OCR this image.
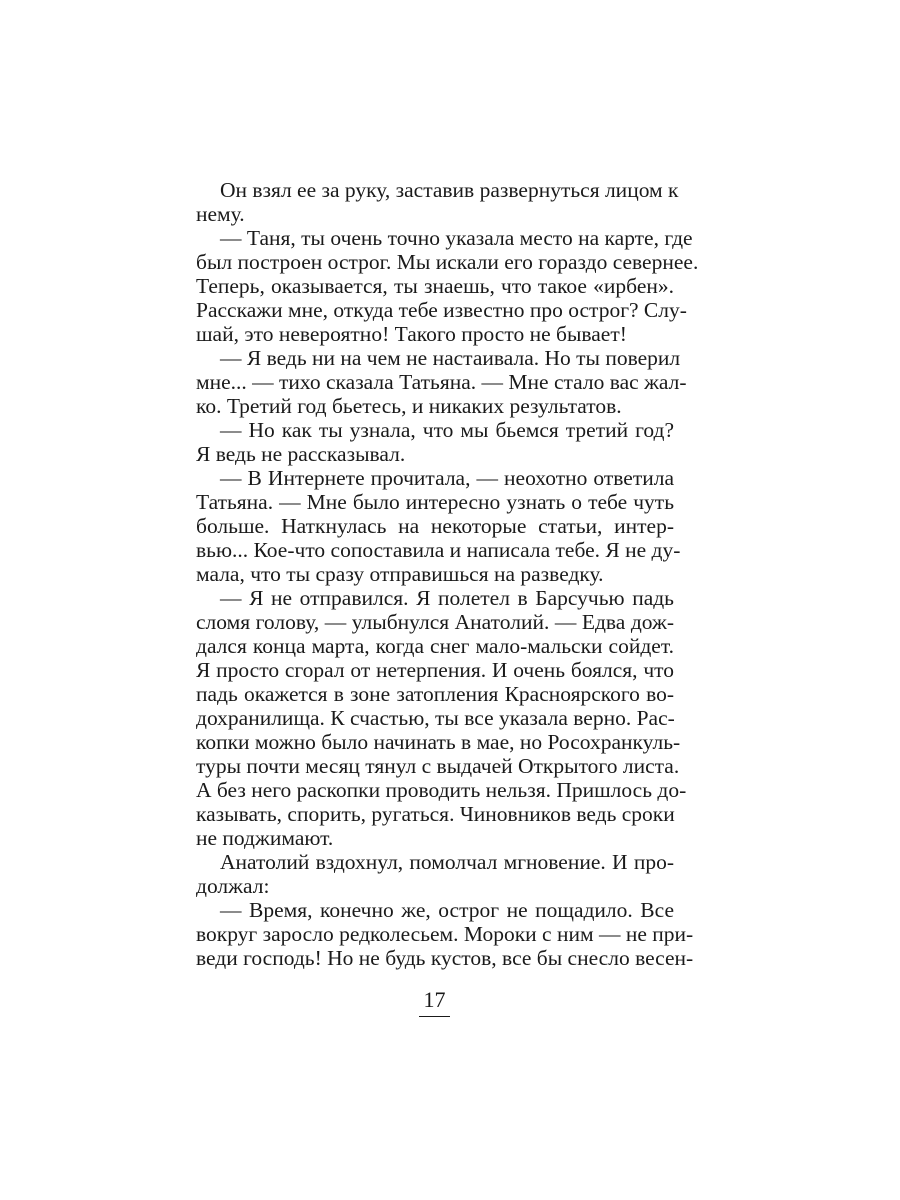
Он взял ее за руку, заставив развернуться лицом к
нему.
— Таня, ты очень точно указала место на карте, где
был построен острог. Мы искали его гораздо севернее.
Теперь, оказывается, ты знаешь, что такое «ирбен».
Расскажи мне, откуда тебе известно про острог? Слу-
шай, это невероятно! Такого просто не бывает!
— Я ведь ни на чем не настаивала. Но ты поверил
мне... — тихо сказала Татьяна. — Мне стало вас жал-
ко. Третий год бьетесь, и никаких результатов.
— Но как ты узнала, что мы бьемся третий год?
Я ведь не рассказывал.
— В Интернете прочитала, — неохотно ответила
Татьяна. — Мне было интересно узнать о тебе чуть
больше. Наткнулась на некоторые статьи, интер-
вью... Кое-что сопоставила и написала тебе. Я не ду-
мала, что ты сразу отправишься на разведку.
— Я не отправился. Я полетел в Барсучью падь
сломя голову, — улыбнулся Анатолий. — Едва дож-
дался конца марта, когда снег мало-мальски сойдет.
Я просто сгорал от нетерпения. И очень боялся, что
падь окажется в зоне затопления Красноярского во-
дохранилища. К счастью, ты все указала верно. Рас-
копки можно было начинать в мае, но Росохранкуль-
туры почти месяц тянул с выдачей Открытого листа.
А без него раскопки проводить нельзя. Пришлось до-
казывать, спорить, ругаться. Чиновников ведь сроки
не поджимают.
Анатолий вздохнул, помолчал мгновение. И про-
должал:
— Время, конечно же, острог не пощадило. Все
вокруг заросло редколесьем. Мороки с ним — не при-
веди господь! Но не будь кустов, все бы снесло весен-
17
